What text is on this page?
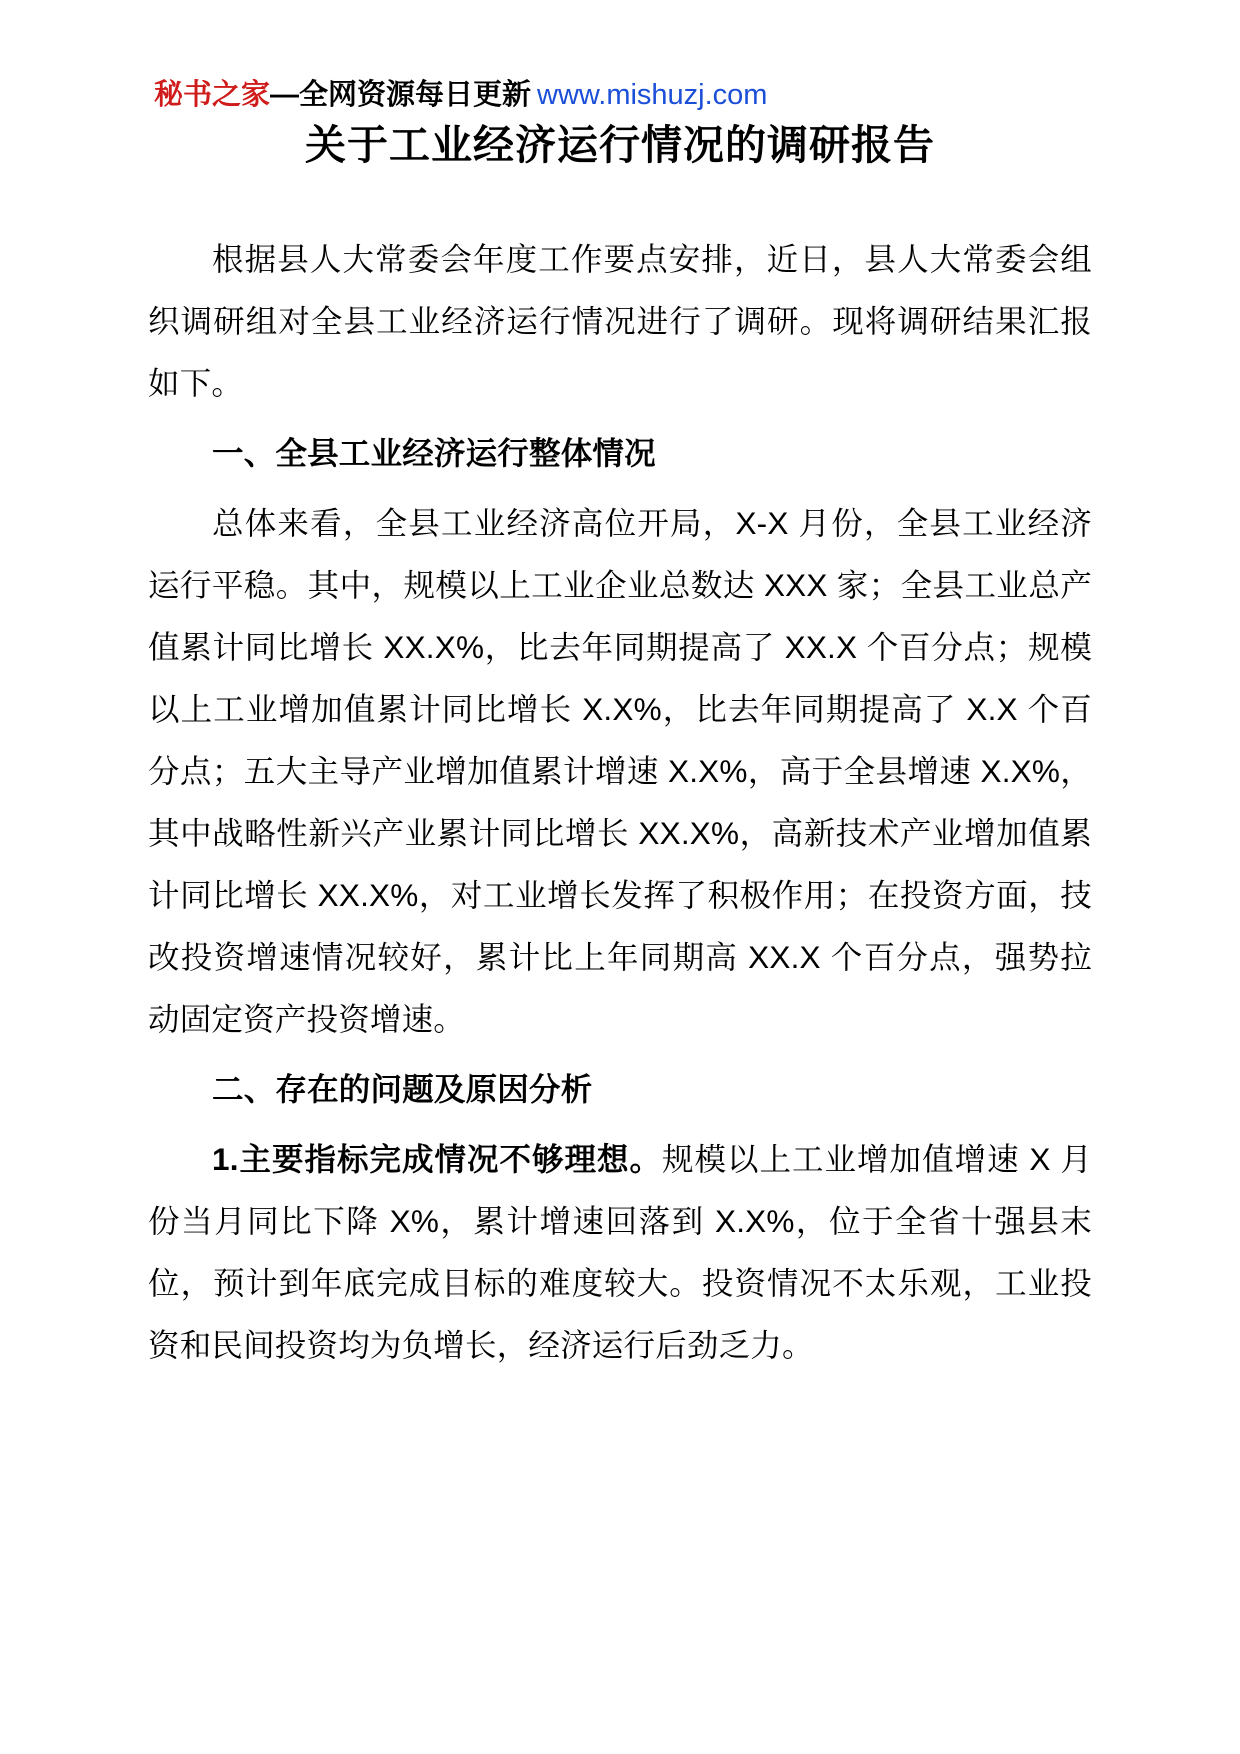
秘书之家—全网资源每日更新 www.mishuzj.com
关于工业经济运行情况的调研报告

根据县人大常委会年度工作要点安排，近日，县人大常委会组织调研组对全县工业经济运行情况进行了调研。现将调研结果汇报如下。

一、全县工业经济运行整体情况

总体来看，全县工业经济高位开局，X-X 月份，全县工业经济运行平稳。其中，规模以上工业企业总数达 XXX 家；全县工业总产值累计同比增长 XX.X%，比去年同期提高了 XX.X 个百分点；规模以上工业增加值累计同比增长 X.X%，比去年同期提高了 X.X 个百分点；五大主导产业增加值累计增速 X.X%，高于全县增速 X.X%，其中战略性新兴产业累计同比增长 XX.X%，高新技术产业增加值累计同比增长 XX.X%，对工业增长发挥了积极作用；在投资方面，技改投资增速情况较好，累计比上年同期高 XX.X 个百分点，强势拉动固定资产投资增速。

二、存在的问题及原因分析

1.主要指标完成情况不够理想。规模以上工业增加值增速 X 月份当月同比下降 X%，累计增速回落到 X.X%，位于全省十强县末位，预计到年底完成目标的难度较大。投资情况不太乐观，工业投资和民间投资均为负增长，经济运行后劲乏力。
